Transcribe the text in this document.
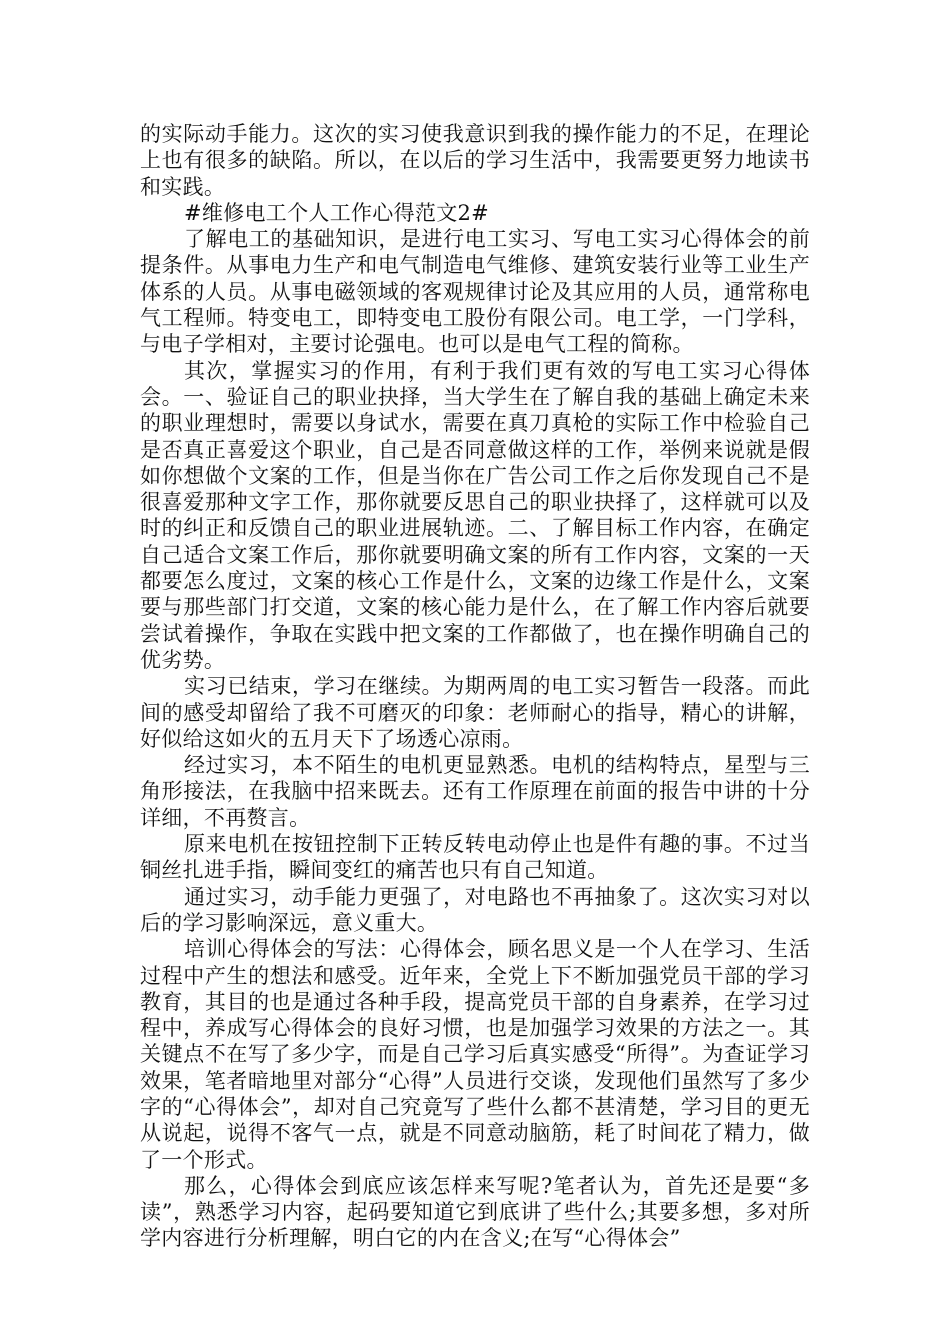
的实际动手能力。这次的实习使我意识到我的操作能力的不足，在理论上也有很多的缺陷。所以，在以后的学习生活中，我需要更努力地读书和实践。

#维修电工个人工作心得范文2#

了解电工的基础知识，是进行电工实习、写电工实习心得体会的前提条件。从事电力生产和电气制造电气维修、建筑安装行业等工业生产体系的人员。从事电磁领域的客观规律讨论及其应用的人员，通常称电气工程师。特变电工，即特变电工股份有限公司。电工学，一门学科，与电子学相对，主要讨论强电。也可以是电气工程的简称。

其次，掌握实习的作用，有利于我们更有效的写电工实习心得体会。一、验证自己的职业抉择，当大学生在了解自我的基础上确定未来的职业理想时，需要以身试水，需要在真刀真枪的实际工作中检验自己是否真正喜爱这个职业，自己是否同意做这样的工作，举例来说就是假如你想做个文案的工作，但是当你在广告公司工作之后你发现自己不是很喜爱那种文字工作，那你就要反思自己的职业抉择了，这样就可以及时的纠正和反馈自己的职业进展轨迹。二、了解目标工作内容，在确定自己适合文案工作后，那你就要明确文案的所有工作内容，文案的一天都要怎么度过，文案的核心工作是什么，文案的边缘工作是什么，文案要与那些部门打交道，文案的核心能力是什么，在了解工作内容后就要尝试着操作，争取在实践中把文案的工作都做了，也在操作明确自己的优劣势。

实习已结束，学习在继续。为期两周的电工实习暂告一段落。而此间的感受却留给了我不可磨灭的印象：老师耐心的指导，精心的讲解，好似给这如火的五月天下了场透心凉雨。

经过实习，本不陌生的电机更显熟悉。电机的结构特点，星型与三角形接法，在我脑中招来既去。还有工作原理在前面的报告中讲的十分详细，不再赘言。

原来电机在按钮控制下正转反转电动停止也是件有趣的事。不过当铜丝扎进手指，瞬间变红的痛苦也只有自己知道。

通过实习，动手能力更强了，对电路也不再抽象了。这次实习对以后的学习影响深远，意义重大。

培训心得体会的写法：心得体会，顾名思义是一个人在学习、生活过程中产生的想法和感受。近年来，全党上下不断加强党员干部的学习教育，其目的也是通过各种手段，提高党员干部的自身素养，在学习过程中，养成写心得体会的良好习惯，也是加强学习效果的方法之一。其关键点不在写了多少字，而是自己学习后真实感受“所得”。为查证学习效果，笔者暗地里对部分“心得”人员进行交谈，发现他们虽然写了多少字的“心得体会”，却对自己究竟写了些什么都不甚清楚，学习目的更无从说起，说得不客气一点，就是不同意动脑筋，耗了时间花了精力，做了一个形式。

那么，心得体会到底应该怎样来写呢?笔者认为，首先还是要“多读”，熟悉学习内容，起码要知道它到底讲了些什么;其要多想，多对所学内容进行分析理解，明白它的内在含义;在写“心得体会”
